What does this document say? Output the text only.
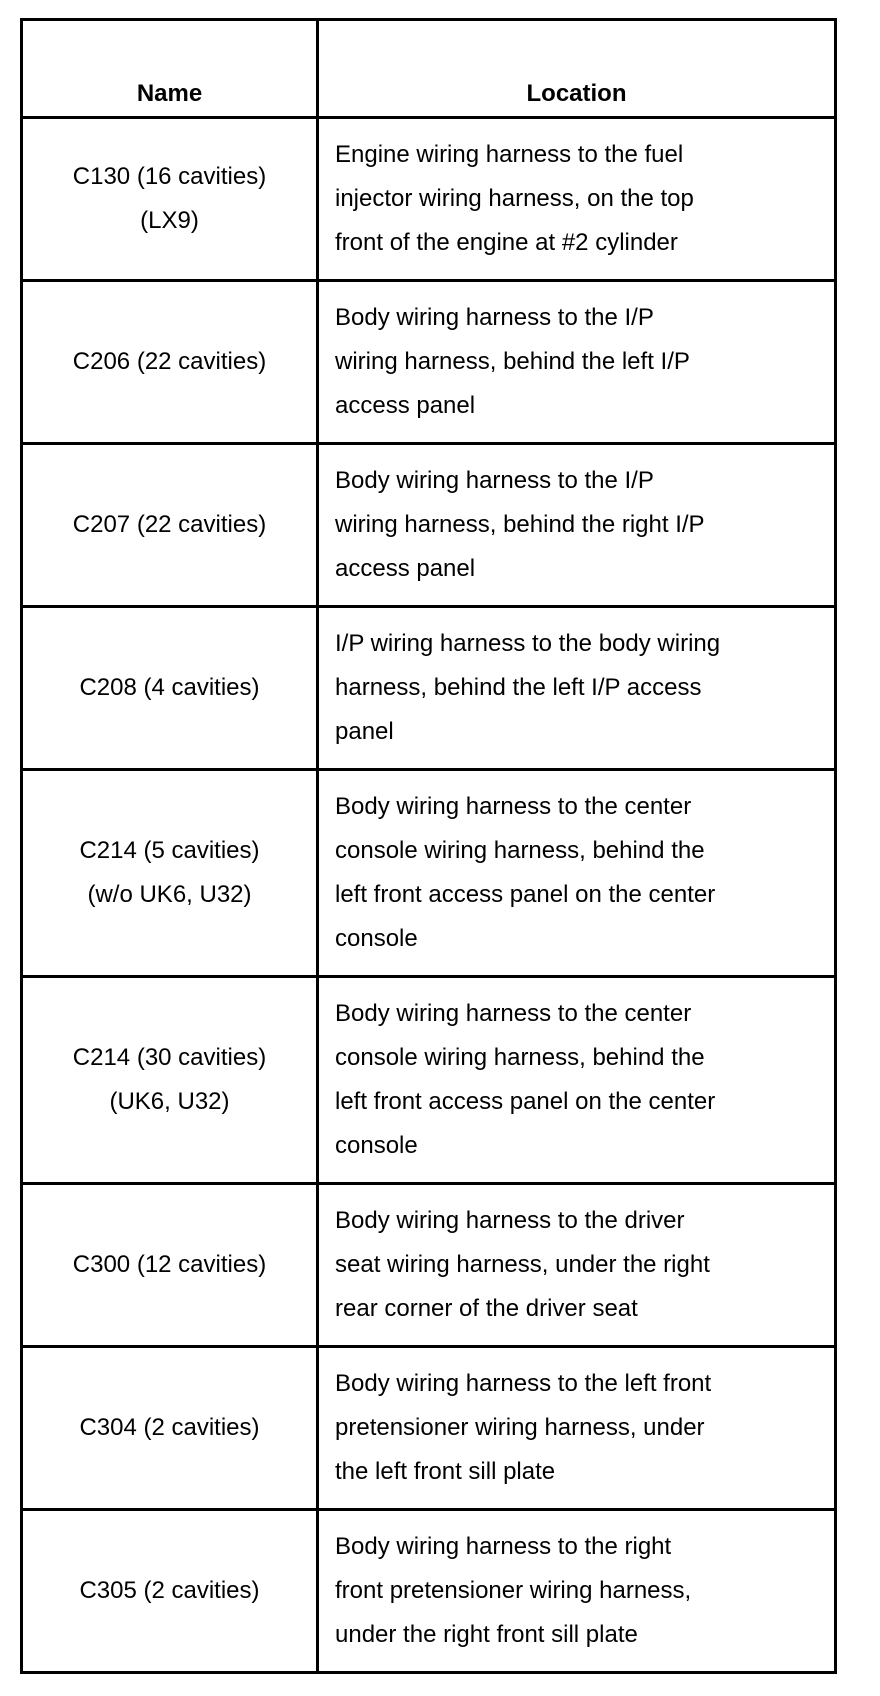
Name	Location

C130 (16 cavities)
(LX9)	Engine wiring harness to the fuel
injector wiring harness, on the top
front of the engine at #2 cylinder

C206 (22 cavities)	Body wiring harness to the I/P
wiring harness, behind the left I/P
access panel

C207 (22 cavities)	Body wiring harness to the I/P
wiring harness, behind the right I/P
access panel

C208 (4 cavities)	I/P wiring harness to the body wiring
harness, behind the left I/P access
panel

C214 (5 cavities)
(w/o UK6, U32)	Body wiring harness to the center
console wiring harness, behind the
left front access panel on the center
console

C214 (30 cavities)
(UK6, U32)	Body wiring harness to the center
console wiring harness, behind the
left front access panel on the center
console

C300 (12 cavities)	Body wiring harness to the driver
seat wiring harness, under the right
rear corner of the driver seat

C304 (2 cavities)	Body wiring harness to the left front
pretensioner wiring harness, under
the left front sill plate

C305 (2 cavities)	Body wiring harness to the right
front pretensioner wiring harness,
under the right front sill plate
